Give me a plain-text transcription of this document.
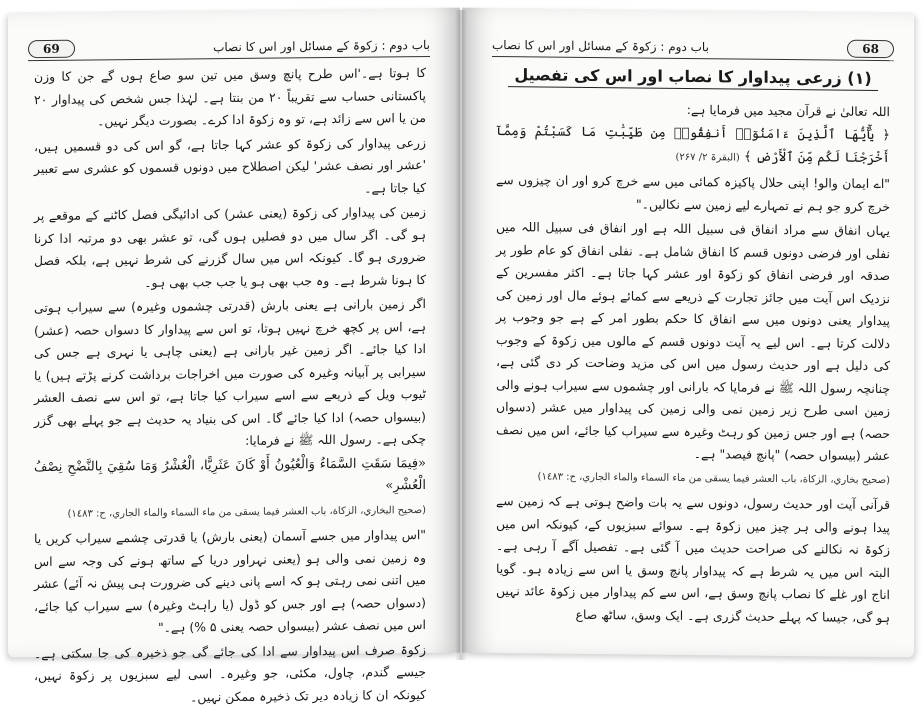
باب دوم : زکوۃ کے مسائل اور اس کا نصاب
69

کا ہوتا ہے۔'اس طرح پانچ وسق میں تین سو صاع ہوں گے جن کا وزن پاکستانی حساب سے تقریباً ۲۰ من بنتا ہے۔ لہٰذا جس شخص کی پیداوار ۲۰ من یا اس سے زائد ہے، تو وہ زکوۃ ادا کرے۔ بصورت دیگر نہیں۔

زرعی پیداوار کی زکوۃ کو عشر کہا جاتا ہے، گو اس کی دو قسمیں ہیں، 'عشر اور نصف عشر' لیکن اصطلاح میں دونوں قسموں کو عشری سے تعبیر کیا جاتا ہے۔

زمین کی پیداوار کی زکوۃ (یعنی عشر) کی ادائیگی فصل کاٹنے کے موقعے پر ہو گی۔ اگر سال میں دو فصلیں ہوں گی، تو عشر بھی دو مرتبہ ادا کرنا ضروری ہو گا۔ کیونکہ اس میں سال گزرنے کی شرط نہیں ہے، بلکہ فصل کا ہونا شرط ہے۔ وہ جب بھی ہو یا جب جب بھی ہو۔

اگر زمین بارانی ہے یعنی بارش (قدرتی چشموں وغیرہ) سے سیراب ہوتی ہے، اس پر کچھ خرچ نہیں ہوتا، تو اس سے پیداوار کا دسواں حصہ (عشر) ادا کیا جائے۔ اگر زمین غیر بارانی ہے (یعنی چاہی یا نہری ہے جس کی سیرابی پر آبیانہ وغیرہ کی صورت میں اخراجات برداشت کرنے پڑتے ہیں) یا ٹیوب ویل کے ذریعے سے اسے سیراب کیا جاتا ہے، تو اس سے نصف العشر (بیسواں حصہ) ادا کیا جائے گا۔ اس کی بنیاد یہ حدیث ہے جو پہلے بھی گزر چکی ہے۔ رسول اللہ ﷺ نے فرمایا:

«فِيمَا سَقَتِ السَّمَاءُ وَالْعُيُونُ أَوْ كَانَ عَثَرِيًّا، الْعُشْرُ وَمَا سُقِيَ بِالنَّضْحِ نِصْفُ الْعُشْرِ»

(صحيح البخاري، الزكاة، باب العشر فيما يسقى من ماء السماء والماء الجاري، ح: ١٤٨٣)

"اس پیداوار میں جسے آسمان (یعنی بارش) یا قدرتی چشمے سیراب کریں یا وہ زمین نمی والی ہو (یعنی نہراور دریا کے ساتھ ہونے کی وجہ سے اس میں اتنی نمی رہتی ہو کہ اسے پانی دینے کی ضرورت ہی پیش نہ آئے) عشر (دسواں حصہ) ہے اور جس کو ڈول (یا راہٹ وغیرہ) سے سیراب کیا جائے، اس میں نصف عشر (بیسواں حصہ یعنی ۵ %) ہے۔"

زکوۃ صرف اس پیداوار سے ادا کی جائے گی جو ذخیرہ کی جا سکتی ہے۔ جیسے گندم، چاول، مکئی، جو وغیرہ۔ اسی لیے سبزیوں پر زکوۃ نہیں، کیونکہ ان کا زیادہ دیر تک ذخیرہ ممکن نہیں۔

68
باب دوم : زکوۃ کے مسائل اور اس کا نصاب
(۱) زرعی پیداوار کا نصاب اور اس کی تفصیل

اللہ تعالیٰ نے قرآن مجید میں فرمایا ہے:

﴿ يَٰٓأَيُّهَا ٱلَّذِينَ ءَامَنُوٓا۟ أَنفِقُوا۟ مِن طَيِّبَٰتِ مَا كَسَبْتُمْ وَمِمَّآ أَخْرَجْنَا لَكُم مِّنَ ٱلْأَرْضِ ﴾ (البقرۃ ۲/ ۲۶۷)

"اے ایمان والو! اپنی حلال پاکیزہ کمائی میں سے خرچ کرو اور ان چیزوں سے خرچ کرو جو ہم نے تمہارے لیے زمین سے نکالیں۔"

یہاں انفاق سے مراد انفاق فی سبیل اللہ ہے اور انفاق فی سبیل اللہ میں نفلی اور فرضی دونوں قسم کا انفاق شامل ہے۔ نفلی انفاق کو عام طور پر صدقہ اور فرضی انفاق کو زکوۃ اور عشر کہا جاتا ہے۔ اکثر مفسرین کے نزدیک اس آیت میں جائز تجارت کے ذریعے سے کمائے ہوئے مال اور زمین کی پیداوار یعنی دونوں میں سے انفاق کا حکم بطور امر کے ہے جو وجوب پر دلالت کرتا ہے۔ اس لیے یہ آیت دونوں قسم کے مالوں میں زکوۃ کے وجوب کی دلیل ہے اور حدیث رسول میں اس کی مزید وضاحت کر دی گئی ہے، چنانچہ رسول اللہ ﷺ نے فرمایا کہ بارانی اور چشموں سے سیراب ہونے والی زمین اسی طرح زیر زمین نمی والی زمین کی پیداوار میں عشر (دسواں حصہ) ہے اور جس زمین کو رہٹ وغیرہ سے سیراب کیا جائے، اس میں نصف عشر (بیسواں حصہ) "پانچ فیصد" ہے۔

(صحيح بخاري، الزكاة، باب العشر فيما يسقى من ماء السماء والماء الجاري، ح: ١٤٨٣)

قرآنی آیت اور حدیث رسول، دونوں سے یہ بات واضح ہوتی ہے کہ زمین سے پیدا ہونے والی ہر چیز میں زکوۃ ہے۔ سوائے سبزیوں کے، کیونکہ اس میں زکوۃ نہ نکالنے کی صراحت حدیث میں آ گئی ہے۔ تفصیل آگے آ رہی ہے۔ البتہ اس میں یہ شرط ہے کہ پیداوار پانچ وسق یا اس سے زیادہ ہو۔ گویا اناج اور غلے کا نصاب پانچ وسق ہے، اس سے کم پیداوار میں زکوۃ عائد نہیں ہو گی، جیسا کہ پہلے حدیث گزری ہے۔ ایک وسق، ساٹھ صاع
